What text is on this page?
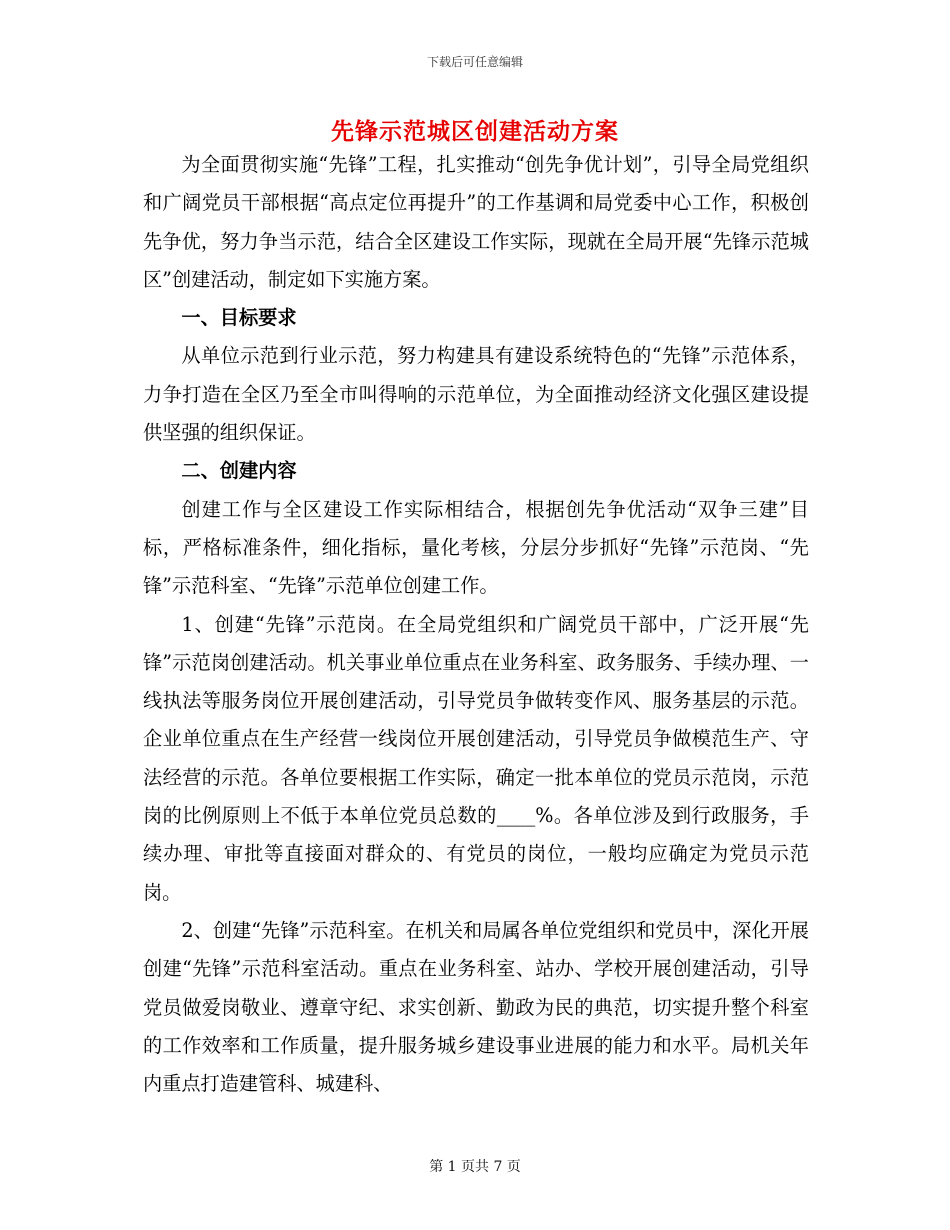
下载后可任意编辑
先锋示范城区创建活动方案

为全面贯彻实施“先锋”工程，扎实推动“创先争优计划”，引导全局党组织和广阔党员干部根据“高点定位再提升”的工作基调和局党委中心工作，积极创先争优，努力争当示范，结合全区建设工作实际，现就在全局开展“先锋示范城区”创建活动，制定如下实施方案。

一、目标要求

从单位示范到行业示范，努力构建具有建设系统特色的“先锋”示范体系，力争打造在全区乃至全市叫得响的示范单位，为全面推动经济文化强区建设提供坚强的组织保证。

二、创建内容

创建工作与全区建设工作实际相结合，根据创先争优活动“双争三建”目标，严格标准条件，细化指标，量化考核，分层分步抓好“先锋”示范岗、“先锋”示范科室、“先锋”示范单位创建工作。

1、创建“先锋”示范岗。在全局党组织和广阔党员干部中，广泛开展“先锋”示范岗创建活动。机关事业单位重点在业务科室、政务服务、手续办理、一线执法等服务岗位开展创建活动，引导党员争做转变作风、服务基层的示范。企业单位重点在生产经营一线岗位开展创建活动，引导党员争做模范生产、守法经营的示范。各单位要根据工作实际，确定一批本单位的党员示范岗，示范岗的比例原则上不低于本单位党员总数的____%。各单位涉及到行政服务，手续办理、审批等直接面对群众的、有党员的岗位，一般均应确定为党员示范岗。

2、创建“先锋”示范科室。在机关和局属各单位党组织和党员中，深化开展创建“先锋”示范科室活动。重点在业务科室、站办、学校开展创建活动，引导党员做爱岗敬业、遵章守纪、求实创新、勤政为民的典范，切实提升整个科室的工作效率和工作质量，提升服务城乡建设事业进展的能力和水平。局机关年内重点打造建管科、城建科、

第 1 页共 7 页
